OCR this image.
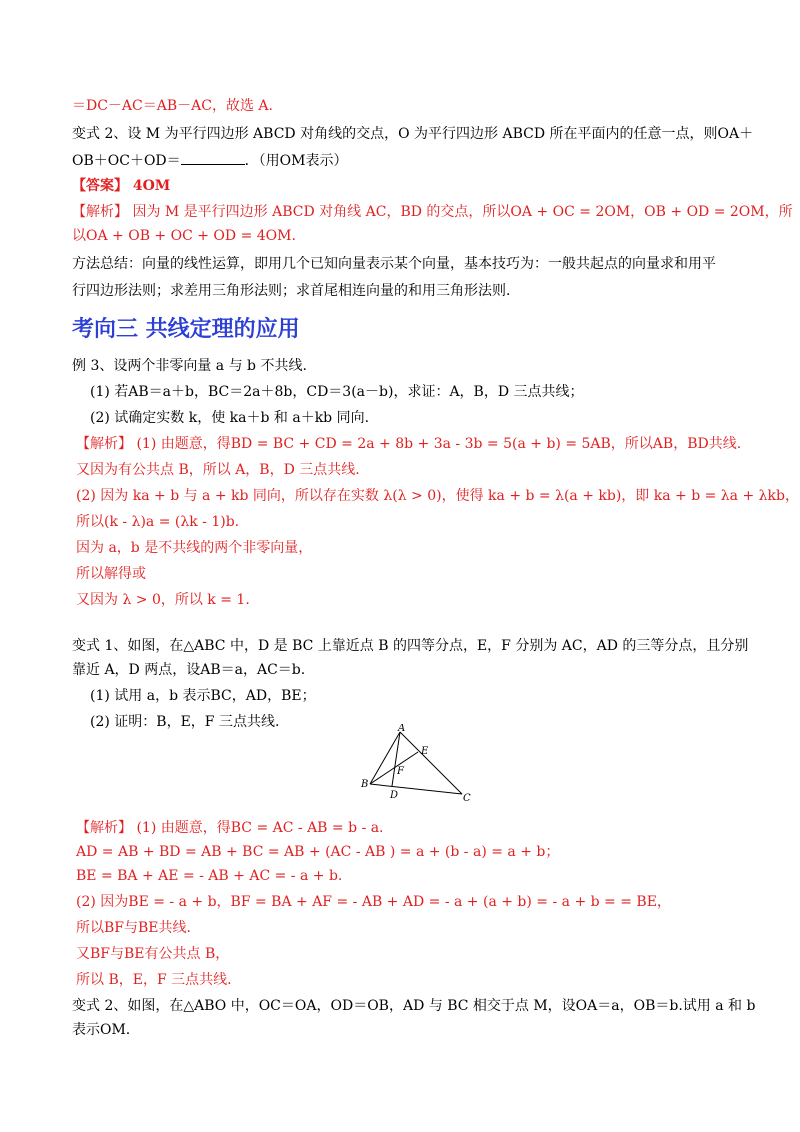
＝DC－AC＝AB－AC，故选 A.
变式 2、设 M 为平行四边形 ABCD 对角线的交点，O 为平行四边形 ABCD 所在平面内的任意一点，则OA＋
OB＋OC＋OD＝	．（用OM表示）
【答案】 4OM
【解析】 因为 M 是平行四边形 ABCD 对角线 AC，BD 的交点，所以OA + OC = 2OM，OB + OD = 2OM，所
以OA + OB + OC + OD = 4OM.
方法总结：向量的线性运算，即用几个已知向量表示某个向量，基本技巧为：一般共起点的向量求和用平
行四边形法则；求差用三角形法则；求首尾相连向量的和用三角形法则.
考向三 共线定理的应用
例 3、设两个非零向量 a 与 b 不共线.
(1) 若AB＝a＋b，BC＝2a＋8b，CD＝3(a－b)，求证：A，B，D 三点共线；
(2) 试确定实数 k，使 ka＋b 和 a＋kb 同向.
【解析】 (1) 由题意，得BD = BC + CD = 2a + 8b + 3a - 3b = 5(a + b) = 5AB，所以AB，BD共线.
又因为有公共点 B，所以 A，B，D 三点共线.
(2) 因为 ka + b 与 a + kb 同向，所以存在实数 λ(λ > 0)，使得 ka + b = λ(a + kb)，即 ka + b = λa + λkb，
所以(k - λ)a = (λk - 1)b.
因为 a，b 是不共线的两个非零向量，
所以解得或
又因为 λ > 0，所以 k = 1.
变式 1、如图，在△ABC 中，D 是 BC 上靠近点 B 的四等分点，E，F 分别为 AC，AD 的三等分点，且分别
靠近 A，D 两点，设AB＝a，AC＝b.
(1) 试用 a，b 表示BC，AD，BE；
(2) 证明：B，E，F 三点共线.	A
B
C
D
E
F
【解析】 (1) 由题意，得BC = AC - AB = b - a.
AD = AB + BD = AB + BC = AB + (AC - AB ) = a + (b - a) = a + b；
BE = BA + AE = - AB + AC = - a + b.
(2) 因为BE = - a + b，BF = BA + AF = - AB + AD = - a + (a + b) = - a + b = = BE，
所以BF与BE共线.
又BF与BE有公共点 B，
所以 B，E，F 三点共线.
变式 2、如图，在△ABO 中，OC＝OA，OD＝OB，AD 与 BC 相交于点 M，设OA＝a，OB＝b.试用 a 和 b
表示OM.
